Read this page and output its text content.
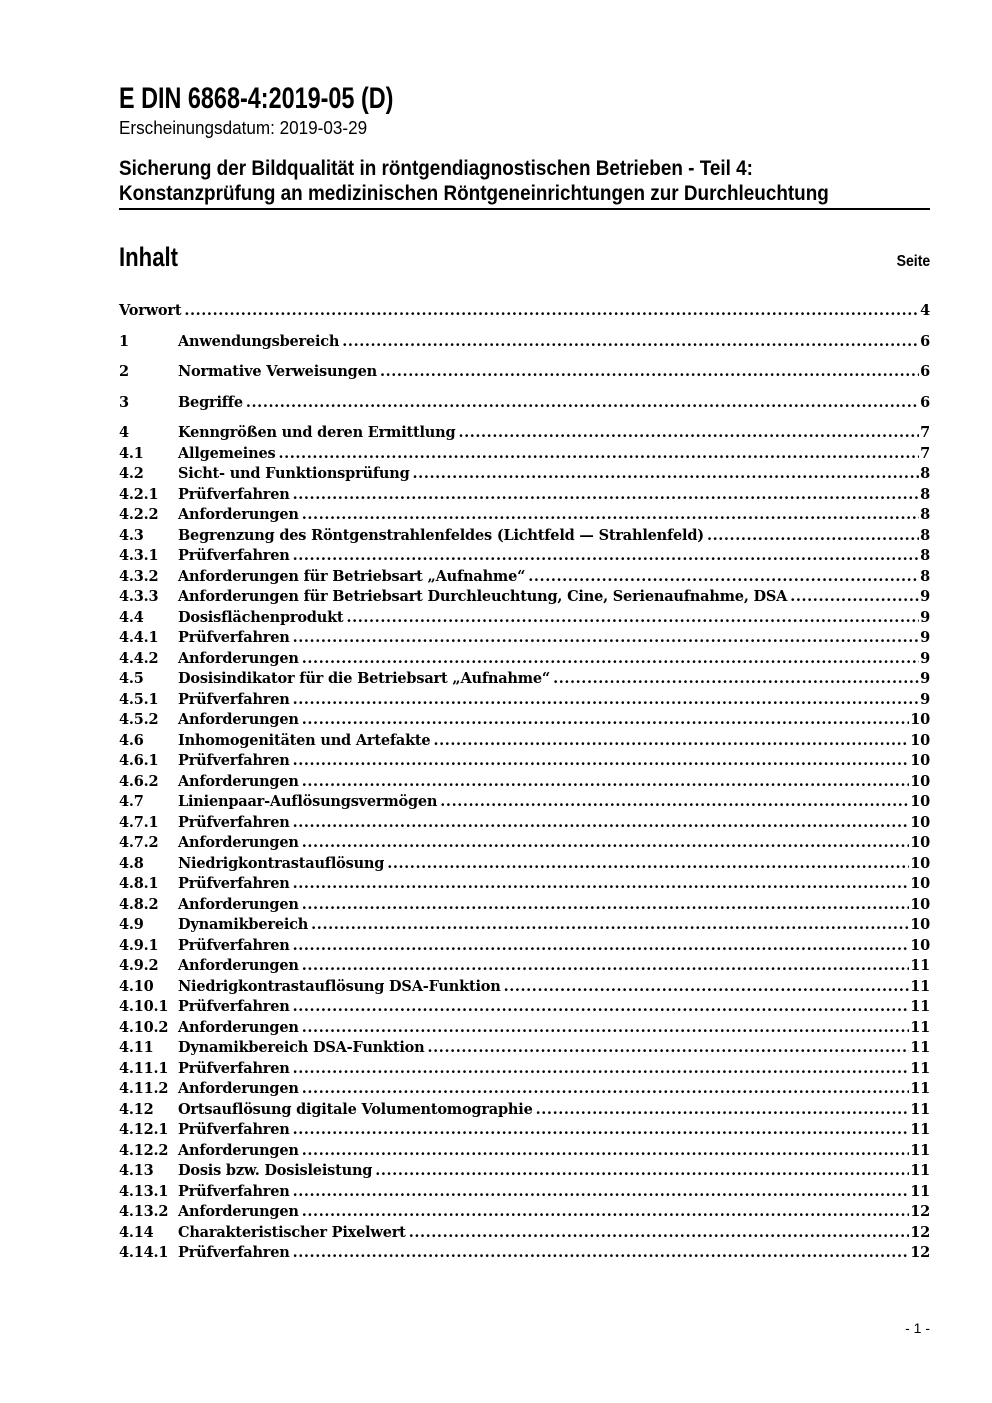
E DIN 6868-4:2019-05 (D)
Erscheinungsdatum: 2019-03-29
Sicherung der Bildqualität in röntgendiagnostischen Betrieben - Teil 4:
Konstanzprüfung an medizinischen Röntgeneinrichtungen zur Durchleuchtung
Inhalt	Seite
Vorwort .....	4
1	Anwendungsbereich .....	6
2	Normative Verweisungen .....	6
3	Begriffe .....	6
4	Kenngrößen und deren Ermittlung .....	7
4.1	Allgemeines .....	7
4.2	Sicht- und Funktionsprüfung .....	8
4.2.1	Prüfverfahren .....	8
4.2.2	Anforderungen .....	8
4.3	Begrenzung des Röntgenstrahlenfeldes (Lichtfeld — Strahlenfeld) .....	8
4.3.1	Prüfverfahren .....	8
4.3.2	Anforderungen für Betriebsart „Aufnahme“ .....	8
4.3.3	Anforderungen für Betriebsart Durchleuchtung, Cine, Serienaufnahme, DSA .....	9
4.4	Dosisflächenprodukt .....	9
4.4.1	Prüfverfahren .....	9
4.4.2	Anforderungen .....	9
4.5	Dosisindikator für die Betriebsart „Aufnahme“ .....	9
4.5.1	Prüfverfahren .....	9
4.5.2	Anforderungen .....	10
4.6	Inhomogenitäten und Artefakte .....	10
4.6.1	Prüfverfahren .....	10
4.6.2	Anforderungen .....	10
4.7	Linienpaar-Auflösungsvermögen .....	10
4.7.1	Prüfverfahren .....	10
4.7.2	Anforderungen .....	10
4.8	Niedrigkontrastauflösung .....	10
4.8.1	Prüfverfahren .....	10
4.8.2	Anforderungen .....	10
4.9	Dynamikbereich .....	10
4.9.1	Prüfverfahren .....	10
4.9.2	Anforderungen .....	11
4.10	Niedrigkontrastauflösung DSA-Funktion .....	11
4.10.1 Prüfverfahren .....	11
4.10.2 Anforderungen .....	11
4.11	Dynamikbereich DSA-Funktion .....	11
4.11.1 Prüfverfahren .....	11
4.11.2 Anforderungen .....	11
4.12	Ortsauflösung digitale Volumentomographie .....	11
4.12.1 Prüfverfahren .....	11
4.12.2 Anforderungen .....	11
4.13	Dosis bzw. Dosisleistung .....	11
4.13.1 Prüfverfahren .....	11
4.13.2 Anforderungen .....	12
4.14	Charakteristischer Pixelwert .....	12
4.14.1 Prüfverfahren .....	12
- 1 -
